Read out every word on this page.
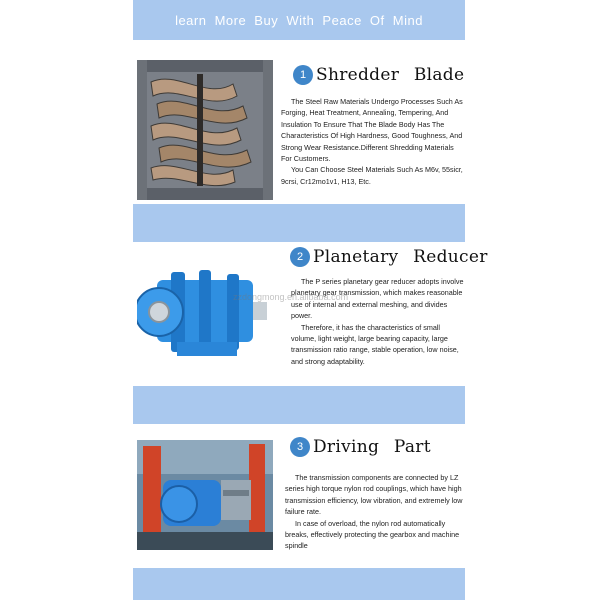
learn More Buy With Peace Of Mind
1 Shredder Blade

The Steel Raw Materials Undergo Processes Such As Forging, Heat Treatment, Annealing, Tempering, And Insulation To Ensure That The Blade Body Has The Characteristics Of High Hardness, Good Toughness, And Strong Wear Resistance.Different Shredding Materials For Customers.

You Can Choose Steel Materials Such As M6v, 55sicr, 9crsi, Cr12mo1v1, H13, Etc.

2 Planetary Reducer

The P series planetary gear reducer adopts involve planetary gear transmission, which makes reasonable use of internal and external meshing, and divides power.

Therefore, it has the characteristics of small volume, light weight, large bearing capacity, large transmission ratio range, stable operation, low noise, and strong adaptability.

zzdongmong.en.alibaba.com
3 Driving Part

The transmission components are connected by LZ series high torque nylon rod couplings, which have high transmission efficiency, low vibration, and extremely low failure rate.

In case of overload, the nylon rod automatically breaks, effectively protecting the gearbox and machine spindle
